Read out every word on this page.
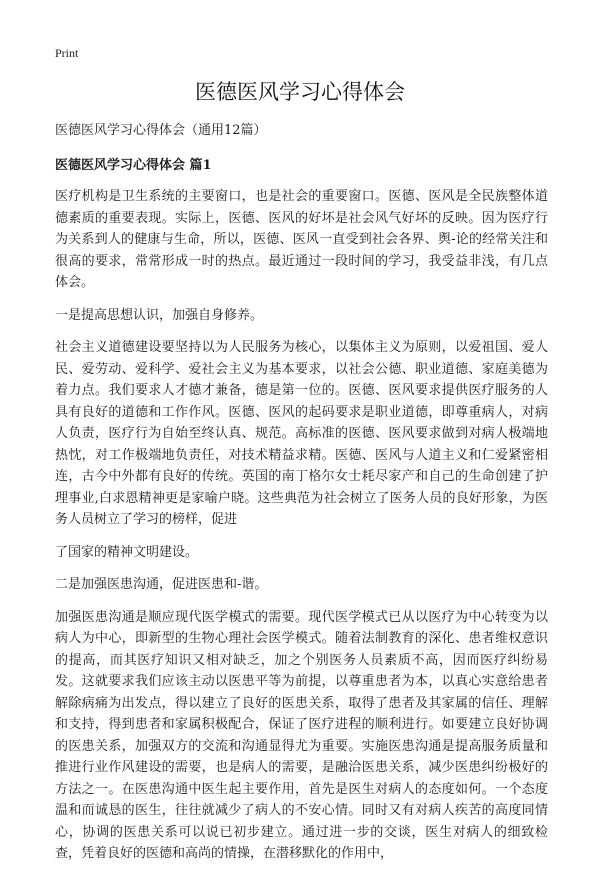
Print
医德医风学习心得体会

医德医风学习心得体会（通用12篇）

医德医风学习心得体会 篇1

医疗机构是卫生系统的主要窗口，也是社会的重要窗口。医德、医风是全民族整体道德素质的重要表现。实际上，医德、医风的好坏是社会风气好坏的反映。因为医疗行为关系到人的健康与生命，所以，医德、医风一直受到社会各界、舆-论的经常关注和很高的要求，常常形成一时的热点。最近通过一段时间的学习，我受益非浅，有几点体会。

一是提高思想认识，加强自身修养。

社会主义道德建设要坚持以为人民服务为核心，以集体主义为原则，以爱祖国、爱人民、爱劳动、爱科学、爱社会主义为基本要求，以社会公德、职业道德、家庭美德为着力点。我们要求人才德才兼备，德是第一位的。医德、医风要求提供医疗服务的人具有良好的道德和工作作风。医德、医风的起码要求是职业道德，即尊重病人，对病人负责，医疗行为自始至终认真、规范。高标准的医德、医风要求做到对病人极端地热忱，对工作极端地负责任，对技术精益求精。医德、医风与人道主义和仁爱紧密相连，古今中外都有良好的传统。英国的南丁格尔女士耗尽家产和自己的生命创建了护理事业,白求恩精神更是家喻户晓。这些典范为社会树立了医务人员的良好形象，为医务人员树立了学习的榜样，促进

了国家的精神文明建设。

二是加强医患沟通，促进医患和-谐。

加强医患沟通是顺应现代医学模式的需要。现代医学模式已从以医疗为中心转变为以病人为中心，即新型的生物心理社会医学模式。随着法制教育的深化、患者维权意识的提高，而其医疗知识又相对缺乏，加之个别医务人员素质不高，因而医疗纠纷易发。这就要求我们应该主动以医患平等为前提，以尊重患者为本，以真心实意给患者解除病痛为出发点，得以建立了良好的医患关系，取得了患者及其家属的信任、理解和支持，得到患者和家属积极配合，保证了医疗进程的顺利进行。如要建立良好协调的医患关系，加强双方的交流和沟通显得尤为重要。实施医患沟通是提高服务质量和推进行业作风建设的需要，也是病人的需要，是融洽医患关系，减少医患纠纷极好的方法之一。在医患沟通中医生起主要作用，首先是医生对病人的态度如何。一个态度温和而诚恳的医生，往往就减少了病人的不安心情。同时又有对病人疾苦的高度同情心，协调的医患关系可以说已初步建立。通过进一步的交谈，医生对病人的细致检查，凭着良好的医德和高尚的情操，在潜移默化的作用中，
